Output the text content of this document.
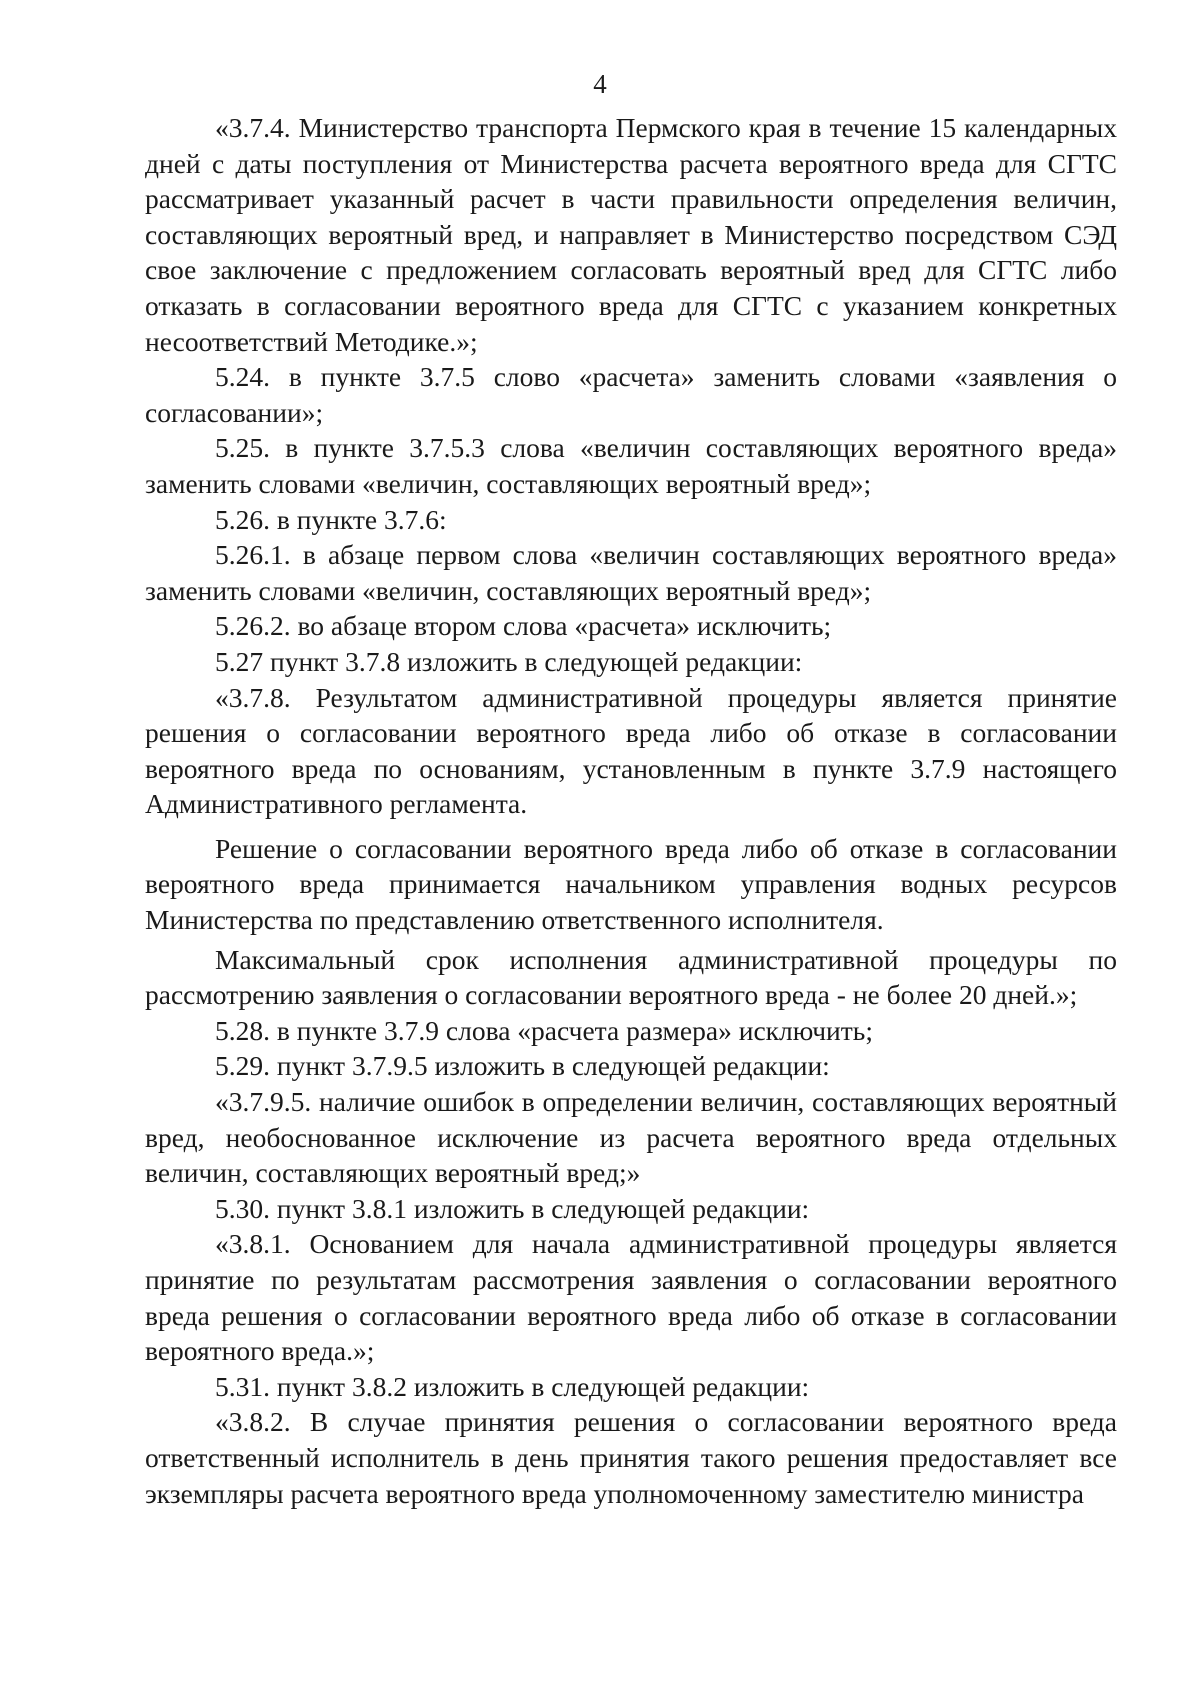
4

«3.7.4. Министерство транспорта Пермского края в течение 15 календарных дней с даты поступления от Министерства расчета вероятного вреда для СГТС рассматривает указанный расчет в части правильности определения величин, составляющих вероятный вред, и направляет в Министерство посредством СЭД свое заключение с предложением согласовать вероятный вред для СГТС либо отказать в согласовании вероятного вреда для СГТС с указанием конкретных несоответствий Методике.»;

5.24. в пункте 3.7.5 слово «расчета» заменить словами «заявления о согласовании»;

5.25. в пункте 3.7.5.3 слова «величин составляющих вероятного вреда» заменить словами «величин, составляющих вероятный вред»;

5.26. в пункте 3.7.6:

5.26.1. в абзаце первом слова «величин составляющих вероятного вреда» заменить словами «величин, составляющих вероятный вред»;

5.26.2. во абзаце втором слова «расчета» исключить;

5.27 пункт 3.7.8 изложить в следующей редакции:

«3.7.8. Результатом административной процедуры является принятие решения о согласовании вероятного вреда либо об отказе в согласовании вероятного вреда по основаниям, установленным в пункте 3.7.9 настоящего Административного регламента.

Решение о согласовании вероятного вреда либо об отказе в согласовании вероятного вреда принимается начальником управления водных ресурсов Министерства по представлению ответственного исполнителя.

Максимальный срок исполнения административной процедуры по рассмотрению заявления о согласовании вероятного вреда - не более 20 дней.»;

5.28. в пункте 3.7.9 слова «расчета размера» исключить;

5.29. пункт 3.7.9.5 изложить в следующей редакции:

«3.7.9.5. наличие ошибок в определении величин, составляющих вероятный вред, необоснованное исключение из расчета вероятного вреда отдельных величин, составляющих вероятный вред;»

5.30. пункт 3.8.1 изложить в следующей редакции:

«3.8.1. Основанием для начала административной процедуры является принятие по результатам рассмотрения заявления о согласовании вероятного вреда решения о согласовании вероятного вреда либо об отказе в согласовании вероятного вреда.»;

5.31. пункт 3.8.2 изложить в следующей редакции:

«3.8.2. В случае принятия решения о согласовании вероятного вреда ответственный исполнитель в день принятия такого решения предоставляет все экземпляры расчета вероятного вреда уполномоченному заместителю министра
